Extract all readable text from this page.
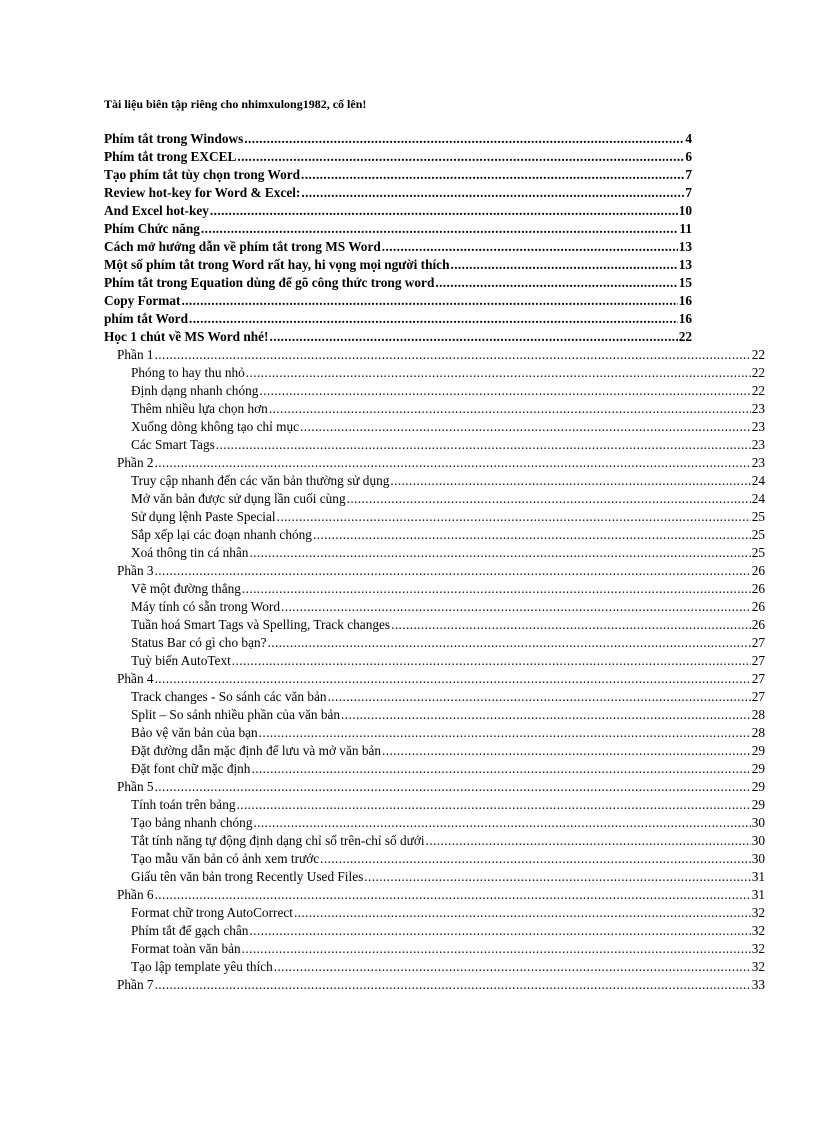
Tài liệu biên tập riêng cho nhimxulong1982, cố lên!
Phím tắt trong Windows .....	4
Phím tắt trong EXCEL .....	6
Tạo phím tắt tùy chọn trong Word .....	7
Review hot-key for Word & Excel: .....	7
And Excel hot-key .....	10
Phím Chức năng .....	11
Cách mở hướng dẫn về phím tắt trong MS Word .....	13
Một số phím tắt trong Word rất hay, hi vọng mọi người thích .....	13
Phím tắt trong Equation dùng để gõ công thức trong word .....	15
Copy Format .....	16
phím tắt Word .....	16
Học 1 chút về MS Word nhé! .....	22
Phần 1 .....	22
Phóng to hay thu nhỏ .....	22
Định dạng nhanh chóng .....	22
Thêm nhiều lựa chọn hơn .....	23
Xuống dòng không tạo chỉ mục .....	23
Các Smart Tags .....	23
Phần 2 .....	23
Truy cập nhanh đến các văn bản thường sử dụng .....	24
Mở văn bản được sử dụng lần cuối cùng .....	24
Sử dụng lệnh Paste Special .....	25
Sắp xếp lại các đoạn nhanh chóng .....	25
Xoá thông tin cá nhân .....	25
Phần 3 .....	26
Vẽ một đường thẳng .....	26
Máy tính có sẵn trong Word .....	26
Tuần hoá Smart Tags và Spelling, Track changes .....	26
Status Bar có gì cho bạn? .....	27
Tuỳ biến AutoText .....	27
Phần 4 .....	27
Track changes - So sánh các văn bản .....	27
Split – So sánh nhiều phần của văn bản .....	28
Bảo vệ văn bản của bạn .....	28
Đặt đường dẫn mặc định để lưu và mở văn bản .....	29
Đặt font chữ mặc định .....	29
Phần 5 .....	29
Tính toán trên bảng .....	29
Tạo bảng nhanh chóng .....	30
Tắt tính năng tự động định dạng chỉ số trên-chỉ số dưới .....	30
Tạo mẫu văn bản có ảnh xem trước .....	30
Giấu tên văn bản trong Recently Used Files .....	31
Phần 6 .....	31
Format chữ trong AutoCorrect .....	32
Phím tắt để gạch chân .....	32
Format toàn văn bản .....	32
Tạo lập template yêu thích .....	32
Phần 7 .....	33
